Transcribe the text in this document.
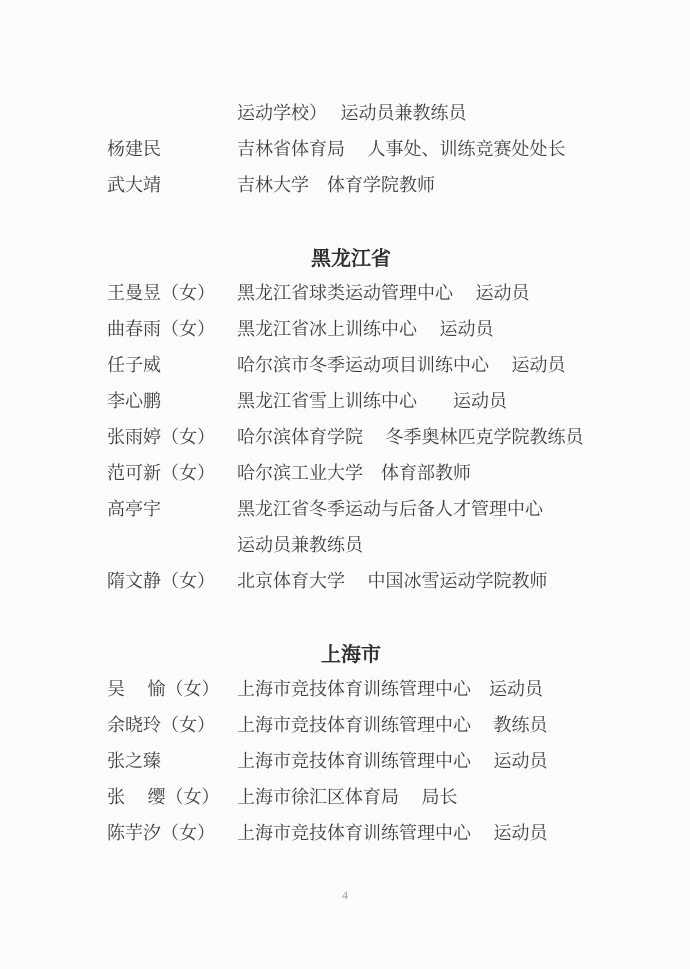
运动学校）　 运动员兼教练员
杨建民	吉林省体育局　 人事处、训练竞赛处处长
武大靖	吉林大学　体育学院教师
黑龙江省
王曼昱（女）	黑龙江省球类运动管理中心　 运动员
曲春雨（女）	黑龙江省冰上训练中心　 运动员
任子威	哈尔滨市冬季运动项目训练中心　 运动员
李心鹏	黑龙江省雪上训练中心　　运动员
张雨婷（女）	哈尔滨体育学院　 冬季奥林匹克学院教练员
范可新（女）	哈尔滨工业大学　体育部教师
高亭宇	黑龙江省冬季运动与后备人才管理中心
运动员兼教练员
隋文静（女）	北京体育大学　 中国冰雪运动学院教师
上海市
吴　 愉（女） 上海市竞技体育训练管理中心　运动员
余晓玲（女）	上海市竞技体育训练管理中心　 教练员
张之臻	上海市竞技体育训练管理中心　 运动员
张　 缨（女） 上海市徐汇区体育局　 局长
陈芋汐（女）	上海市竞技体育训练管理中心　 运动员
4
